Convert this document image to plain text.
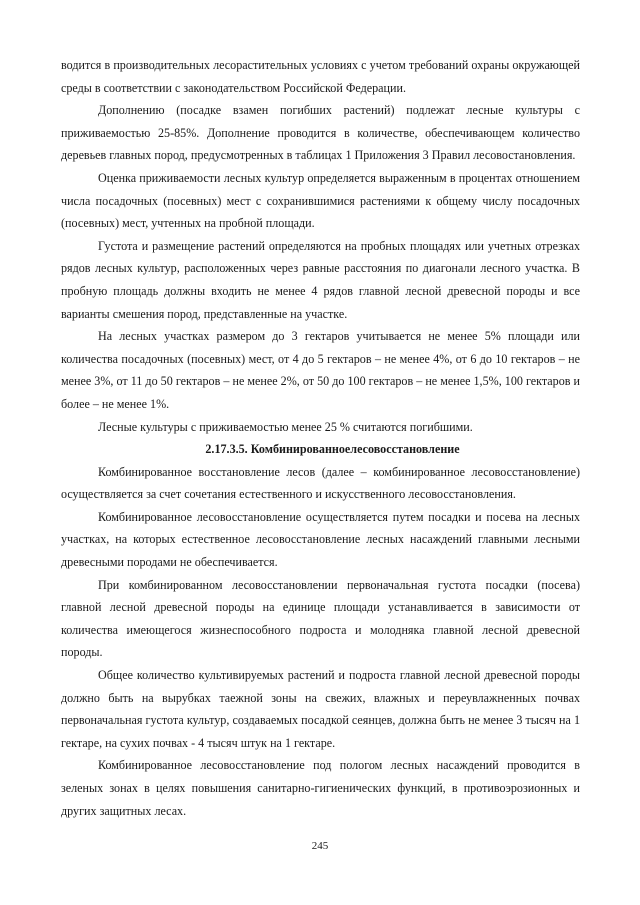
водится в производительных лесорастительных условиях с учетом требований охраны окружающей среды в соответствии с законодательством Российской Федерации.

Дополнению (посадке взамен погибших растений) подлежат лесные культуры с приживаемостью 25-85%. Дополнение проводится в количестве, обеспечивающем количество деревьев главных пород, предусмотренных в таблицах 1 Приложения 3 Правил лесовостановления.

Оценка приживаемости лесных культур определяется выраженным в процентах отношением числа посадочных (посевных) мест с сохранившимися растениями к общему числу посадочных (посевных) мест, учтенных на пробной площади.

Густота и размещение растений определяются на пробных площадях или учетных отрезках рядов лесных культур, расположенных через равные расстояния по диагонали лесного участка. В пробную площадь должны входить не менее 4 рядов главной лесной древесной породы и все варианты смешения пород, представленные на участке.

На лесных участках размером до 3 гектаров учитывается не менее 5% площади или количества посадочных (посевных) мест, от 4 до 5 гектаров – не менее 4%, от 6 до 10 гектаров – не менее 3%, от 11 до 50 гектаров – не менее 2%, от 50 до 100 гектаров – не менее 1,5%, 100 гектаров и более – не менее 1%.

Лесные культуры с приживаемостью менее 25 % считаются погибшими.

2.17.3.5. Комбинированноелесовосстановление

Комбинированное восстановление лесов (далее – комбинированное лесовосстановление) осуществляется за счет сочетания естественного и искусственного лесовосстановления.

Комбинированное лесовосстановление осуществляется путем посадки и посева на лесных участках, на которых естественное лесовосстановление лесных насаждений главными лесными древесными породами не обеспечивается.

При комбинированном лесовосстановлении первоначальная густота посадки (посева) главной лесной древесной породы на единице площади устанавливается в зависимости от количества имеющегося жизнеспособного подроста и молодняка главной лесной древесной породы.

Общее количество культивируемых растений и подроста главной лесной древесной породы должно быть на вырубках таежной зоны на свежих, влажных и переувлажненных почвах первоначальная густота культур, создаваемых посадкой сеянцев, должна быть не менее 3 тысяч на 1 гектаре, на сухих почвах - 4 тысяч штук на 1 гектаре.

Комбинированное лесовосстановление под пологом лесных насаждений проводится в зеленых зонах в целях повышения санитарно-гигиенических функций, в противоэрозионных и других защитных лесах.

245
